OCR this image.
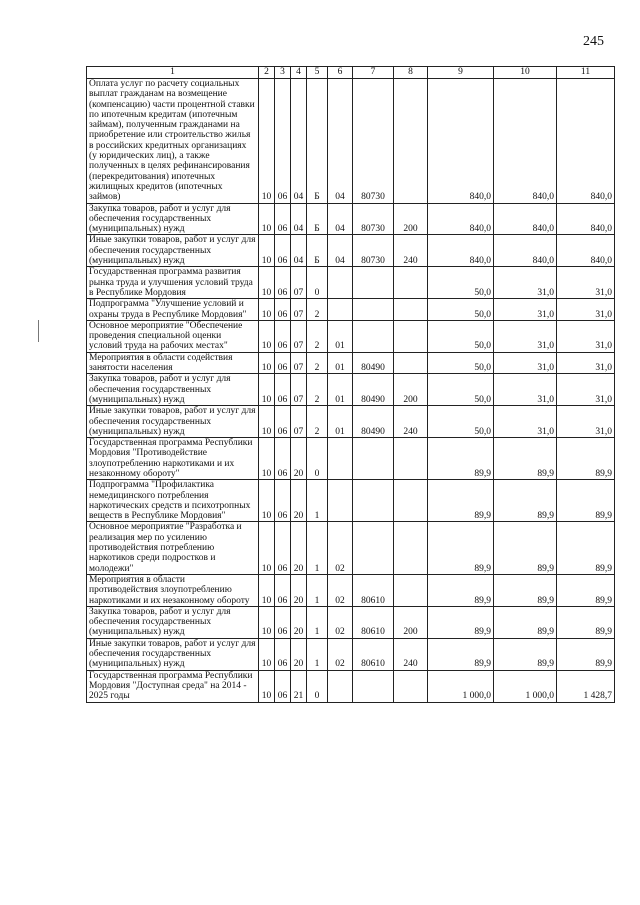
245
1	2	3	4	5	6	7	8	9	10	11
Оплата услуг по расчету социальных выплат гражданам на возмещение (компенсацию) части процентной ставки по ипотечным кредитам (ипотечным займам), полученным гражданами на приобретение или строительство жилья в российских кредитных организациях (у юридических лиц), а также полученных в целях рефинансирования (перекредитования) ипотечных жилищных кредитов (ипотечных займов)	10	06	04	Б	04	80730		840,0	840,0	840,0
Закупка товаров, работ и услуг для обеспечения государственных (муниципальных) нужд	10	06	04	Б	04	80730	200	840,0	840,0	840,0
Иные закупки товаров, работ и услуг для обеспечения государственных (муниципальных) нужд	10	06	04	Б	04	80730	240	840,0	840,0	840,0
Государственная программа развития рынка труда и улучшения условий труда в Республике Мордовия	10	06	07	0				50,0	31,0	31,0
Подпрограмма "Улучшение условий и охраны труда в Республике Мордовия"	10	06	07	2				50,0	31,0	31,0
Основное мероприятие "Обеспечение проведения специальной оценки условий труда на рабочих местах"	10	06	07	2	01			50,0	31,0	31,0
Мероприятия в области содействия занятости населения	10	06	07	2	01	80490		50,0	31,0	31,0
Закупка товаров, работ и услуг для обеспечения государственных (муниципальных) нужд	10	06	07	2	01	80490	200	50,0	31,0	31,0
Иные закупки товаров, работ и услуг для обеспечения государственных (муниципальных) нужд	10	06	07	2	01	80490	240	50,0	31,0	31,0
Государственная программа Республики Мордовия "Противодействие злоупотреблению наркотиками и их незаконному обороту"	10	06	20	0				89,9	89,9	89,9
Подпрограмма "Профилактика немедицинского потребления наркотических средств и психотропных веществ в Республике Мордовия"	10	06	20	1				89,9	89,9	89,9
Основное мероприятие "Разработка и реализация мер по усилению противодействия потреблению наркотиков среди подростков и молодежи"	10	06	20	1	02			89,9	89,9	89,9
Мероприятия в области противодействия злоупотреблению наркотиками и их незаконному обороту	10	06	20	1	02	80610		89,9	89,9	89,9
Закупка товаров, работ и услуг для обеспечения государственных (муниципальных) нужд	10	06	20	1	02	80610	200	89,9	89,9	89,9
Иные закупки товаров, работ и услуг для обеспечения государственных (муниципальных) нужд	10	06	20	1	02	80610	240	89,9	89,9	89,9
Государственная программа Республики Мордовия "Доступная среда" на 2014 - 2025 годы	10	06	21	0				1 000,0	1 000,0	1 428,7
